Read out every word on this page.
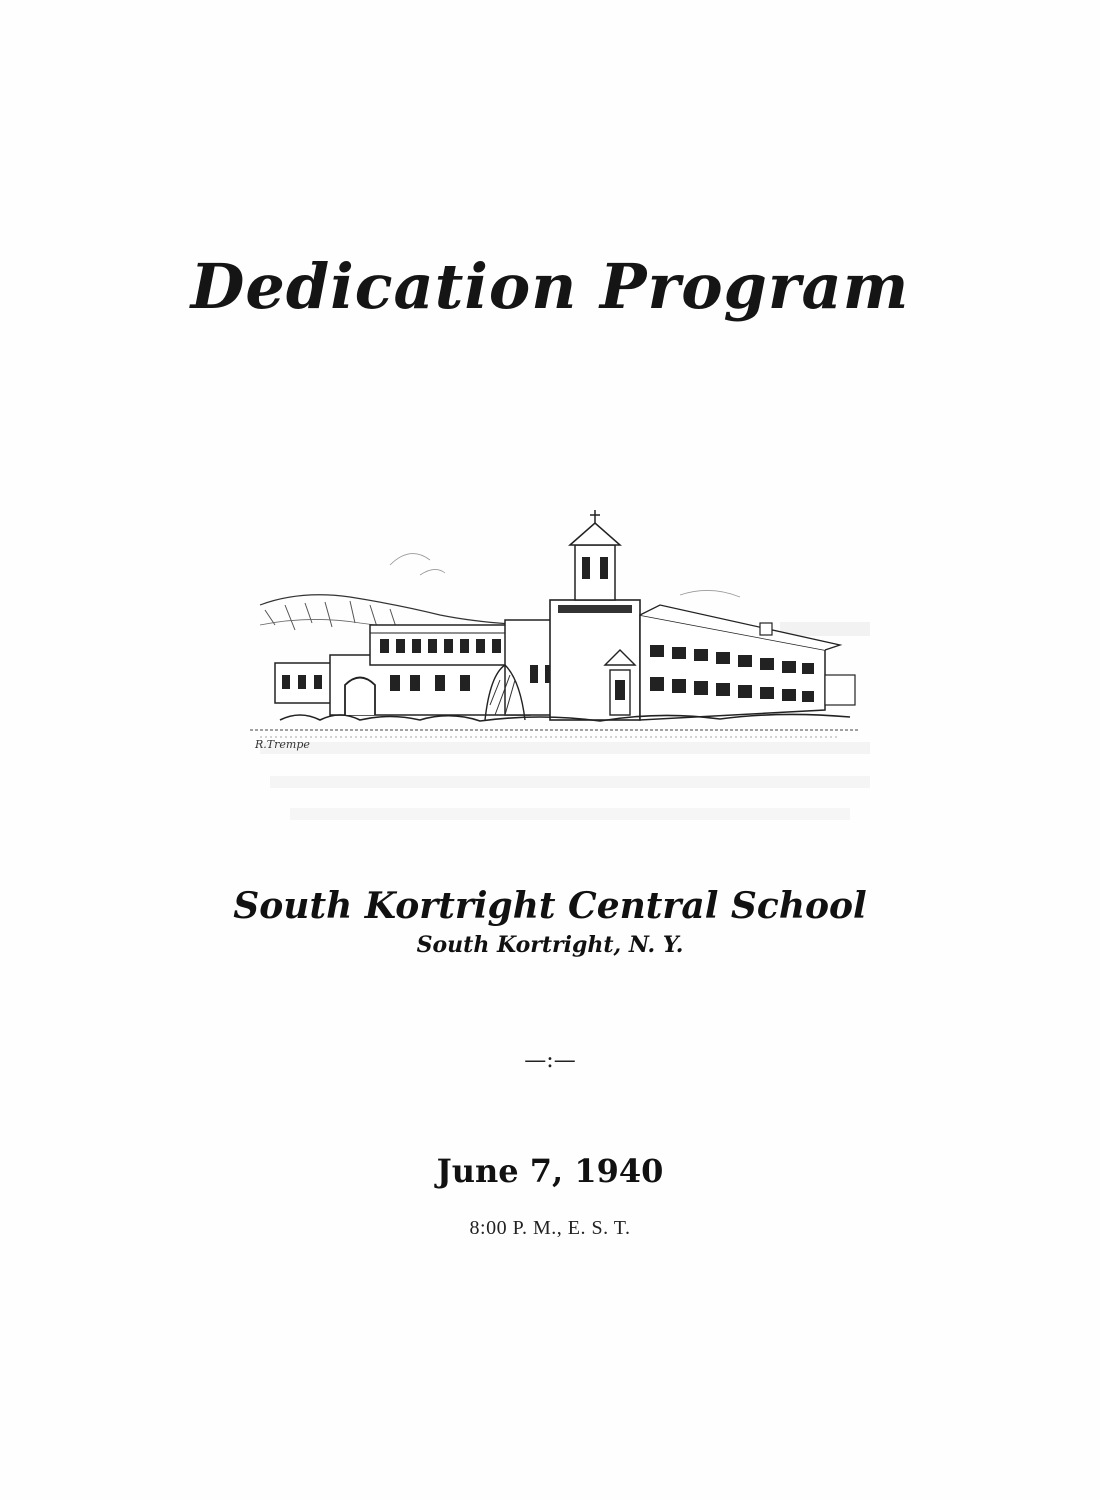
Dedication Program
R.Trempe
South Kortright Central School
South Kortright, N. Y.
—:—
June 7, 1940
8:00 P. M., E. S. T.
